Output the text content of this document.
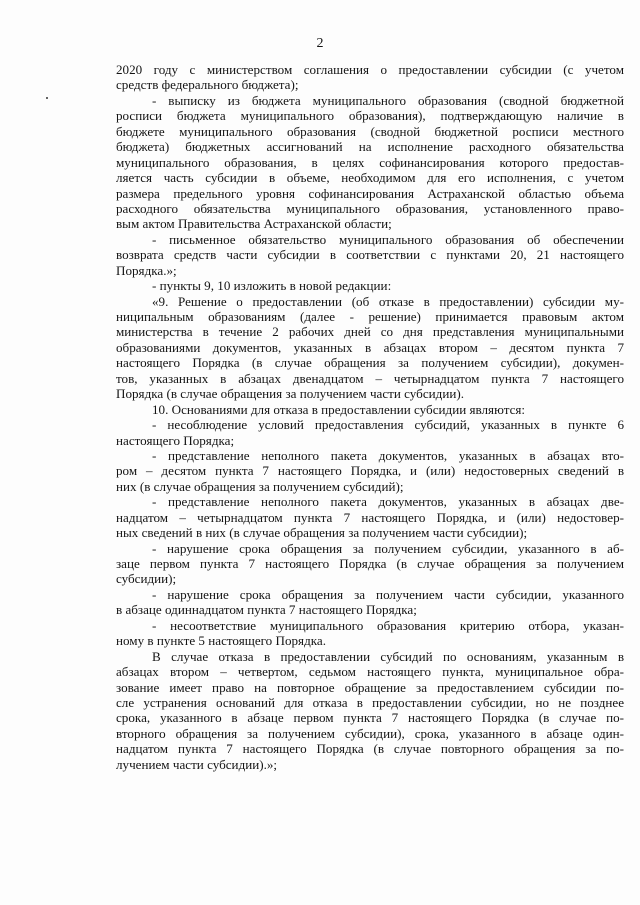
2
2020 году с министерством соглашения о предоставлении субсидии (с учетом
средств федерального бюджета);
- выписку из бюджета муниципального образования (сводной бюджетной
росписи бюджета муниципального образования), подтверждающую наличие в
бюджете муниципального образования (сводной бюджетной росписи местного
бюджета) бюджетных ассигнований на исполнение расходного обязательства
муниципального образования, в целях софинансирования которого предостав-
ляется часть субсидии в объеме, необходимом для его исполнения, с учетом
размера предельного уровня софинансирования Астраханской областью объема
расходного обязательства муниципального образования, установленного право-
вым актом Правительства Астраханской области;
- письменное обязательство муниципального образования об обеспечении
возврата средств части субсидии в соответствии с пунктами 20, 21 настоящего
Порядка.»;
- пункты 9, 10 изложить в новой редакции:
«9. Решение о предоставлении (об отказе в предоставлении) субсидии му-
ниципальным образованиям (далее - решение) принимается правовым актом
министерства в течение 2 рабочих дней со дня представления муниципальными
образованиями документов, указанных в абзацах втором – десятом пункта 7
настоящего Порядка (в случае обращения за получением субсидии), докумен-
тов, указанных в абзацах двенадцатом – четырнадцатом пункта 7 настоящего
Порядка (в случае обращения за получением части субсидии).
10. Основаниями для отказа в предоставлении субсидии являются:
- несоблюдение условий предоставления субсидий, указанных в пункте 6
настоящего Порядка;
- представление неполного пакета документов, указанных в абзацах вто-
ром – десятом пункта 7 настоящего Порядка, и (или) недостоверных сведений в
них (в случае обращения за получением субсидий);
- представление неполного пакета документов, указанных в абзацах две-
надцатом – четырнадцатом пункта 7 настоящего Порядка, и (или) недостовер-
ных сведений в них (в случае обращения за получением части субсидии);
- нарушение срока обращения за получением субсидии, указанного в аб-
заце первом пункта 7 настоящего Порядка (в случае обращения за получением
субсидии);
- нарушение срока обращения за получением части субсидии, указанного
в абзаце одиннадцатом пункта 7 настоящего Порядка;
- несоответствие муниципального образования критерию отбора, указан-
ному в пункте 5 настоящего Порядка.
В случае отказа в предоставлении субсидий по основаниям, указанным в
абзацах втором – четвертом, седьмом настоящего пункта, муниципальное обра-
зование имеет право на повторное обращение за предоставлением субсидии по-
сле устранения оснований для отказа в предоставлении субсидии, но не позднее
срока, указанного в абзаце первом пункта 7 настоящего Порядка (в случае по-
вторного обращения за получением субсидии), срока, указанного в абзаце один-
надцатом пункта 7 настоящего Порядка (в случае повторного обращения за по-
лучением части субсидии).»;
